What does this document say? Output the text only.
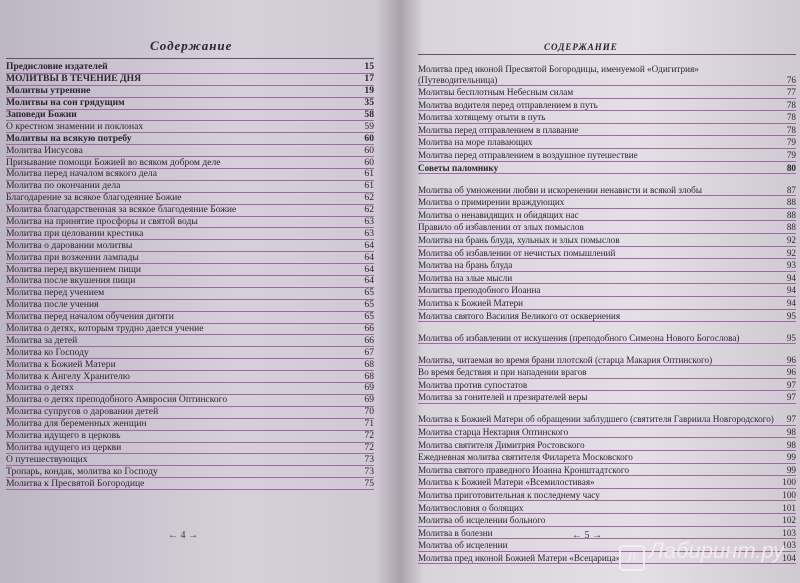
Содержание
Предисловие издателей	15
МОЛИТВЫ В ТЕЧЕНИЕ ДНЯ	17
Молитвы утренние	19
Молитвы на сон грядущим	35
Заповеди Божии	58
О крестном знамении и поклонах	59
Молитвы на всякую потребу	60
Молитва Иисусова	60
Призывание помощи Божией во всяком добром деле	60
Молитва перед началом всякого дела	61
Молитва по окончании дела	61
Благодарение за всякое благодеяние Божие	62
Молитва благодарственная за всякое благодеяние Божие	62
Молитва на принятие просфоры и святой воды	63
Молитва при целовании крестика	63
Молитва о даровании молитвы	64
Молитва при возжении лампады	64
Молитва перед вкушением пищи	64
Молитва после вкушения пищи	64
Молитва перед учением	65
Молитва после учения	65
Молитва перед началом обучения дитяти	65
Молитва о детях, которым трудно дается учение	66
Молитва за детей	66
Молитва ко Господу	67
Молитва к Божией Матери	68
Молитва к Ангелу Хранителю	68
Молитва о детях	69
Молитва о детях преподобного Амвросия Оптинского	69
Молитва супругов о даровании детей	70
Молитва для беременных женщин	71
Молитва идущего в церковь	72
Молитва идущего из церкви	72
О путешествующих	73
Тропарь, кондак, молитва ко Господу	73
Молитва к Пресвятой Богородице	75
← 4 →
СОДЕРЖАНИЕ
Молитва пред иконой Пресвятой Богородицы, именуемой «Одигитрия» (Путеводительница)	76
Молитвы бесплотным Небесным силам	77
Молитва водителя перед отправлением в путь	78
Молитва хотящему отыти в путь	78
Молитва перед отправлением в плавание	78
Молитва на море плавающих	79
Молитва перед отправлением в воздушное путешествие	79
Советы паломнику	80
Молитва об умножении любви и искоренении ненависти и всякой злобы	87
Молитва о примирении враждующих	88
Молитва о ненавидящих и обидящих нас	88
Правило об избавлении от злых помыслов	88
Молитва на брань блуда, хульных и злых помыслов	92
Молитва об избавлении от нечистых помышлений	92
Молитва на брань блуда	93
Молитва на злые мысли	94
Молитва преподобного Иоанна	94
Молитва к Божией Матери	94
Молитва святого Василия Великого от осквернения	95
Молитва об избавлении от искушения (преподобного Симеона Нового Богослова)	95
Молитва, читаемая во время брани плотской (старца Макария Оптинского)	96
Во время бедствия и при нападении врагов	96
Молитва против супостатов	97
Молитва за гонителей и презирателей веры	97
Молитва к Божией Матери об обращении заблудшего (святителя Гавриила Новгородского)	97
Молитва старца Нектария Оптинского	98
Молитва святителя Димитрия Ростовского	98
Ежедневная молитва святителя Филарета Московского	99
Молитва святого праведного Иоанна Кронштадтского	99
Молитва к Божией Матери «Всемилостивая»	100
Молитва приготовительная к последнему часу	100
Молитвословия о болящих	101
Молитва об исцелении больного	102
Молитва в болезни	103
Молитва об исцелении	103
Молитва пред иконой Божией Матери «Всецарица»	104
← 5 →
л Лабиринт.ру
